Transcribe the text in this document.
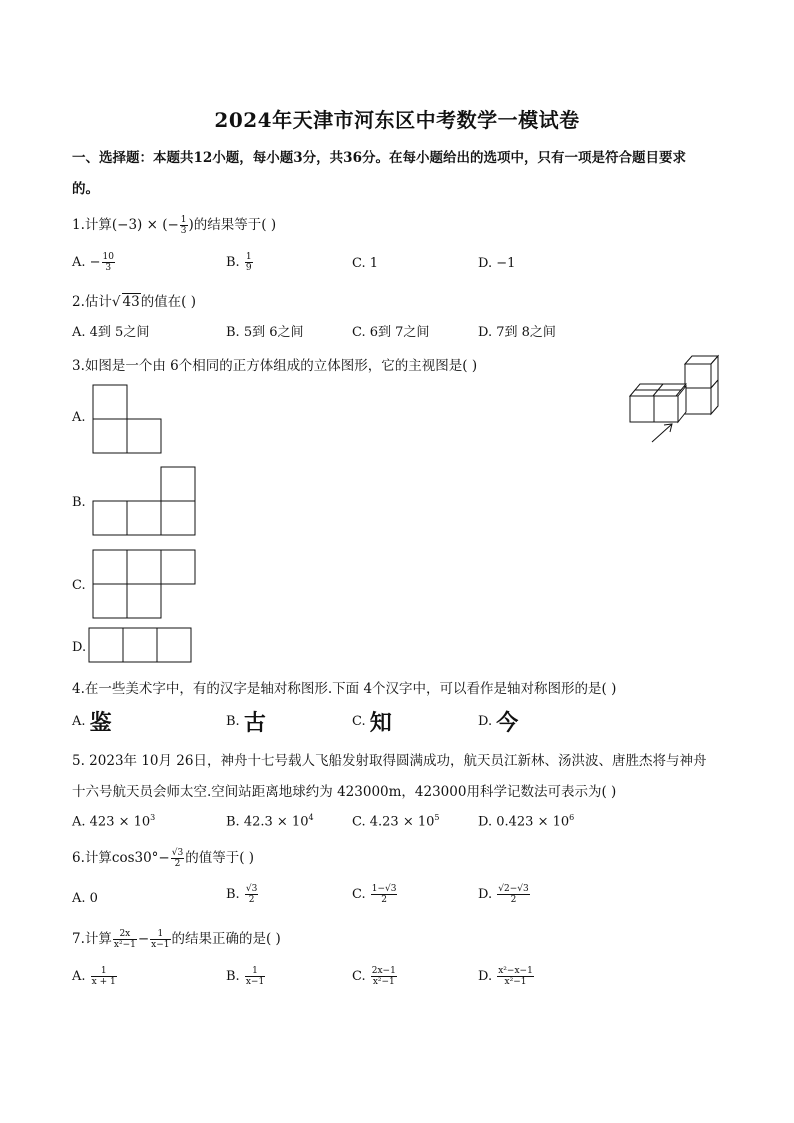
2024年天津市河东区中考数学一模试卷
一、选择题：本题共12小题，每小题3分，共36分。在每小题给出的选项中，只有一项是符合题目要求
的。
1.计算(−3) × (− $\frac{1}{3}$ )的结果等于( )
A. − $\frac{10}{3}$	B. $\frac{1}{9}$	C. 1	D. −1
2.估计√ 43的值在( )
A. 4到 5之间	B. 5到 6之间	C. 6到 7之间	D. 7到 8之间
3.如图是一个由 6个相同的正方体组成的立体图形，它的主视图是( )
A.
B.
C.
D.
4.在一些美术字中，有的汉字是轴对称图形.下面 4个汉字中，可以看作是轴对称图形的是( )
A. 鉴	B. 古	C. 知	D. 今
5. 2023年 10月 26日，神舟十七号载人飞船发射取得圆满成功，航天员江新林、汤洪波、唐胜杰将与神舟
十六号航天员会师太空.空间站距离地球约为 423000m，423000用科学记数法可表示为( )
A. $423 \times 10^3$	B. $42.3 \times 10^4$	C. $4.23 \times 10^5$	D. $0.423 \times 10^6$
6.计算$\cos 30^\circ- \frac{√3}{2}$ 的值等于( )
A. 0	B. $\frac{√3}{2}$	C. $\frac{1-√3}{2}$	D. $\frac{√2-√3}{2}$
7.计算 $\frac{2x}{\text{x²−1}} - \frac{1}{x-1}$ 的结果正确的是( )
A. $\frac{1}{x + 1}$	B. $\frac{1}{x-1}$	C. $\frac{2x-1}{\text{x²−1}}$	D. $\frac{\text{x²−x−1}}{\text{x²−1}}$
